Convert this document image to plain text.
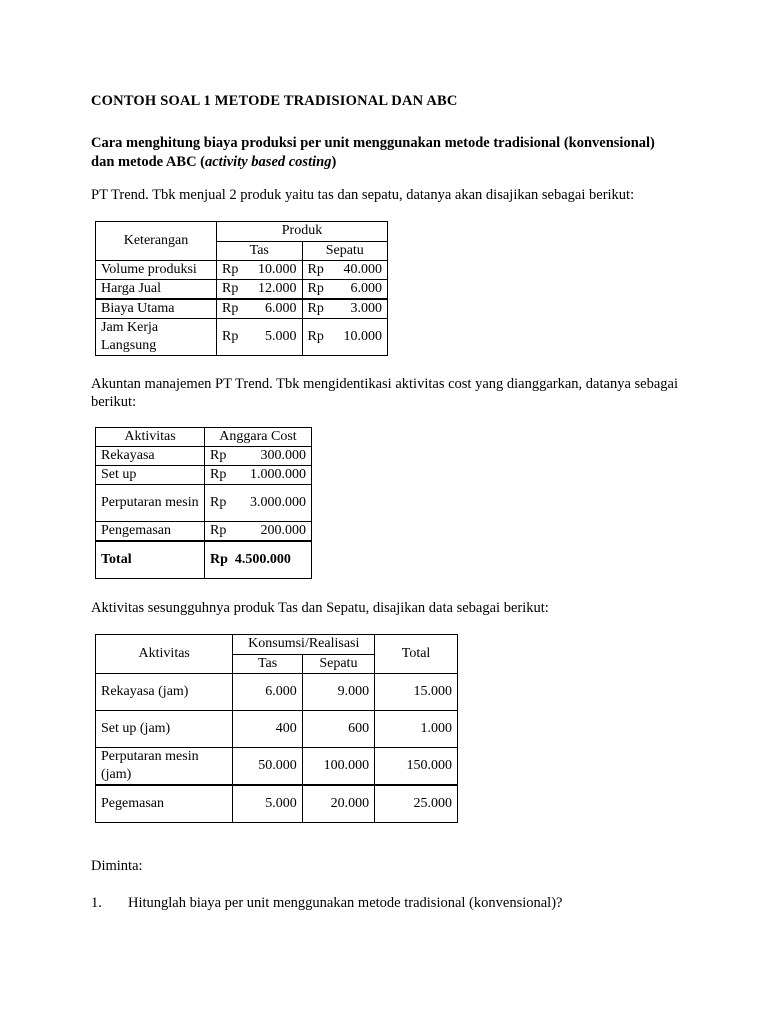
CONTOH SOAL 1 METODE TRADISIONAL DAN ABC

Cara menghitung biaya produksi per unit menggunakan metode tradisional (konvensional) dan metode ABC (activity based costing)

PT Trend. Tbk menjual 2 produk yaitu tas dan sepatu, datanya akan disajikan sebagai berikut:

Keterangan	Produk	
	Tas	Sepatu
Volume produksi	Rp 10.000	Rp 40.000

Harga Jual	Rp 12.000	Rp 6.000

Biaya Utama	Rp 6.000	Rp 3.000

Jam Kerja Langsung	Rp 5.000	Rp 10.000

Akuntan manajemen PT Trend. Tbk mengidentikasi aktivitas cost yang dianggarkan, datanya sebagai berikut:

Aktivitas	Anggara Cost
Rekayasa	Rp 300.000

Set up	Rp 1.000.000

Perputaran mesin	Rp 3.000.000

Pengemasan	Rp 200.000

Total	Rp 4.500.000

Aktivitas sesungguhnya produk Tas dan Sepatu, disajikan data sebagai berikut:

Aktivitas	Konsumsi/Realisasi		Total
	Tas	Sepatu	
Rekayasa (jam)	6.000	9.000	15.000
Set up (jam)	400	600	1.000
Perputaran mesin (jam)	50.000	100.000	150.000
Pegemasan	5.000	20.000	25.000

Diminta:

1. Hitunglah biaya per unit menggunakan metode tradisional (konvensional)?
